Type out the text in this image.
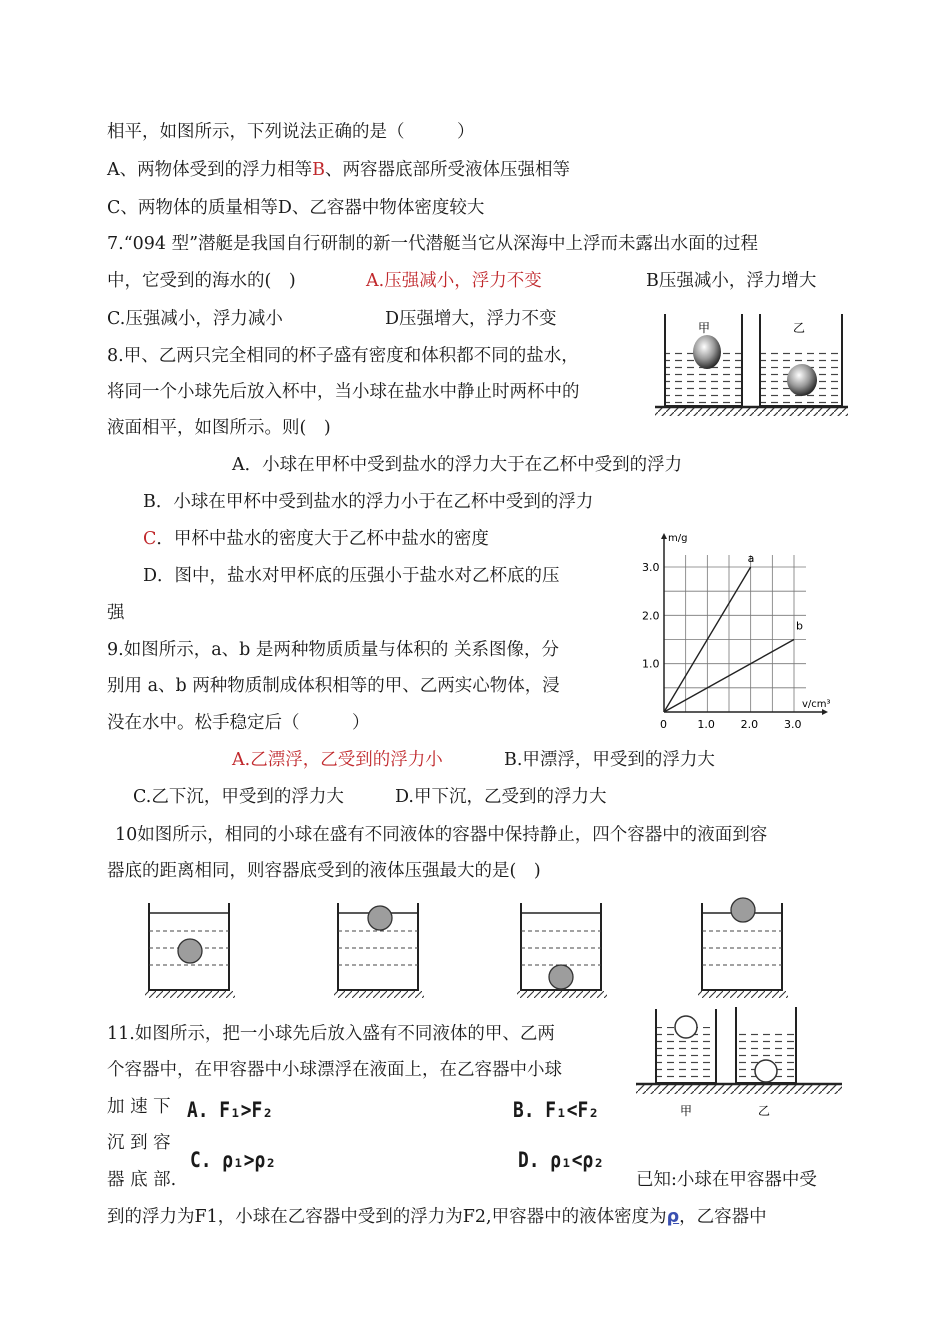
相平，如图所示，下列说法正确的是（　　　）
A、两物体受到的浮力相等B、两容器底部所受液体压强相等
C、两物体的质量相等D、乙容器中物体密度较大
7.“094 型”潜艇是我国自行研制的新一代潜艇当它从深海中上浮而未露出水面的过程
中，它受到的海水的(　)	A.压强减小，浮力不变	B压强减小，浮力增大
C.压强减小，浮力减小	D压强增大，浮力不变
8.甲、乙两只完全相同的杯子盛有密度和体积都不同的盐水，
将同一个小球先后放入杯中，当小球在盐水中静止时两杯中的
液面相平，如图所示。则(　)
A．小球在甲杯中受到盐水的浮力大于在乙杯中受到的浮力
B．小球在甲杯中受到盐水的浮力小于在乙杯中受到的浮力
C．甲杯中盐水的密度大于乙杯中盐水的密度
D．图中，盐水对甲杯底的压强小于盐水对乙杯底的压
强
甲	乙
9.如图所示，a、b 是两种物质质量与体积的 关系图像，分
别用 a、b 两种物质制成体积相等的甲、乙两实心物体，浸
没在水中。松手稳定后（　　　）
A.乙漂浮，乙受到的浮力小	B.甲漂浮，甲受到的浮力大
C.乙下沉，甲受到的浮力大	D.甲下沉，乙受到的浮力大
m/g
v/cm³
0	1.0 2.0 3.0
1.0
2.0
3.0
a
b
10如图所示，相同的小球在盛有不同液体的容器中保持静止，四个容器中的液面到容
器底的距离相同，则容器底受到的液体压强最大的是(　)
11.如图所示，把一小球先后放入盛有不同液体的甲、乙两
个容器中，在甲容器中小球漂浮在液面上，在乙容器中小球
加 速 下
沉 到 容
器 底 部.	已知:小球在甲容器中受
到的浮力为F1，小球在乙容器中受到的浮力为F2,甲容器中的液体密度为ρ，乙容器中
A. F₁>F₂	B. F₁<F₂
C. ρ₁>ρ₂	D. ρ₁<ρ₂
甲	乙
